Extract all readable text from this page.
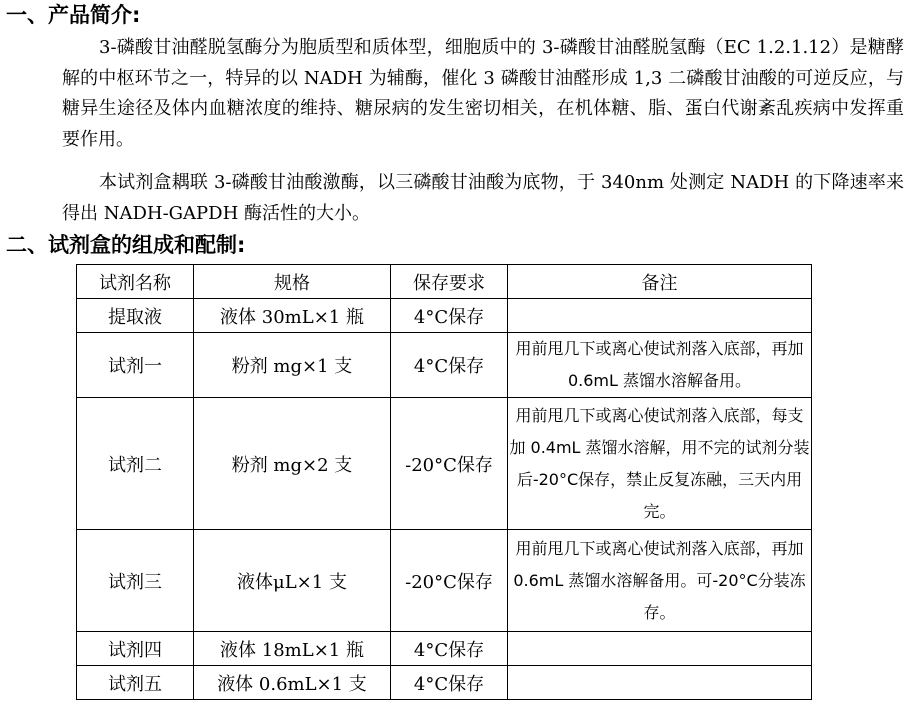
一、产品简介:

3-磷酸甘油醛脱氢酶分为胞质型和质体型，细胞质中的 3-磷酸甘油醛脱氢酶（EC 1.2.1.12）是糖酵解的中枢环节之一，特异的以 NADH 为辅酶，催化 3 磷酸甘油醛形成 1,3 二磷酸甘油酸的可逆反应，与糖异生途径及体内血糖浓度的维持、糖尿病的发生密切相关，在机体糖、脂、蛋白代谢紊乱疾病中发挥重要作用。

本试剂盒耦联 3-磷酸甘油酸激酶，以三磷酸甘油酸为底物，于 340nm 处测定 NADH 的下降速率来得出 NADH-GAPDH 酶活性的大小。

二、试剂盒的组成和配制:
试剂名称	规格	保存要求	备注
提取液	液体 30mL×1 瓶	4°C保存	
试剂一	粉剂 mg×1 支	4°C保存	用前甩几下或离心使试剂落入底部，再加 0.6mL 蒸馏水溶解备用。
试剂二	粉剂 mg×2 支	-20°C保存	用前甩几下或离心使试剂落入底部，每支加 0.4mL 蒸馏水溶解，用不完的试剂分装后-20°C保存，禁止反复冻融，三天内用完。
试剂三	液体μL×1 支	-20°C保存	用前甩几下或离心使试剂落入底部，再加 0.6mL 蒸馏水溶解备用。可-20°C分装冻存。
试剂四	液体 18mL×1 瓶	4°C保存	
试剂五	液体 0.6mL×1 支	4°C保存	
